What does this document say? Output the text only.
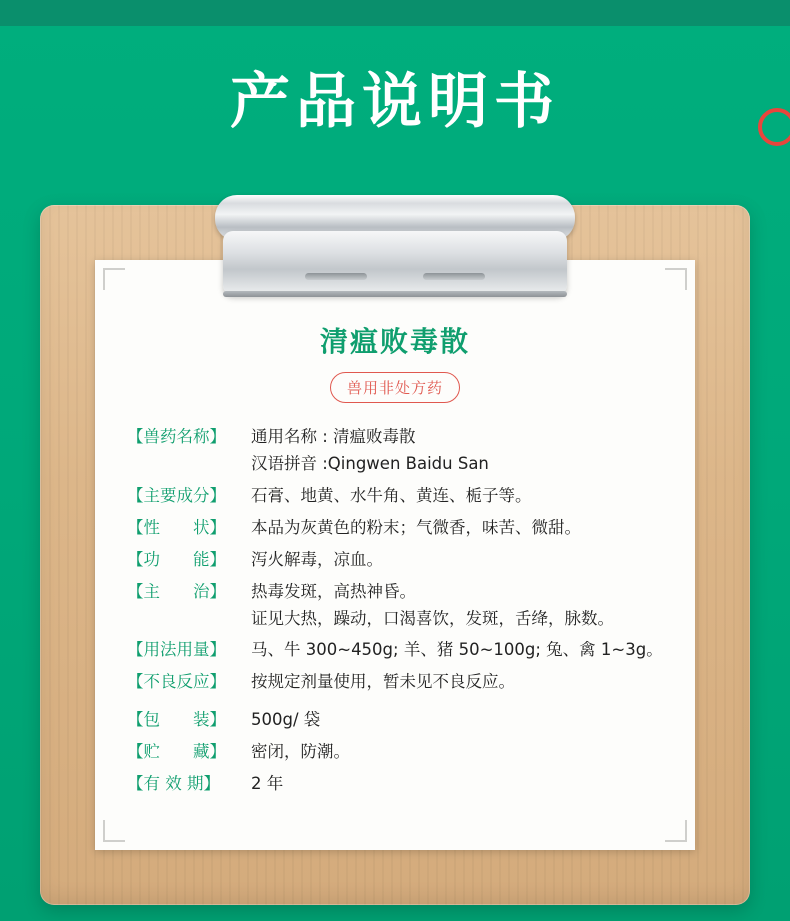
产品说明书
清瘟败毒散
兽用非处方药
【兽药名称】	通用名称 : 清瘟败毒散
汉语拼音 :Qingwen Baidu San
【主要成分】	石膏、地黄、水牛角、黄连、栀子等。
【性　　状】	本品为灰黄色的粉末；气微香，味苦、微甜。
【功　　能】	泻火解毒，凉血。
【主　　治】	热毒发斑，高热神昏。
证见大热，躁动，口渴喜饮，发斑，舌绛，脉数。
【用法用量】	马、牛 300~450g; 羊、猪 50~100g; 兔、禽 1~3g。
【不良反应】	按规定剂量使用，暂未见不良反应。
【包　　装】	500g/ 袋
【贮　　藏】	密闭，防潮。
【有 效 期】	2 年
